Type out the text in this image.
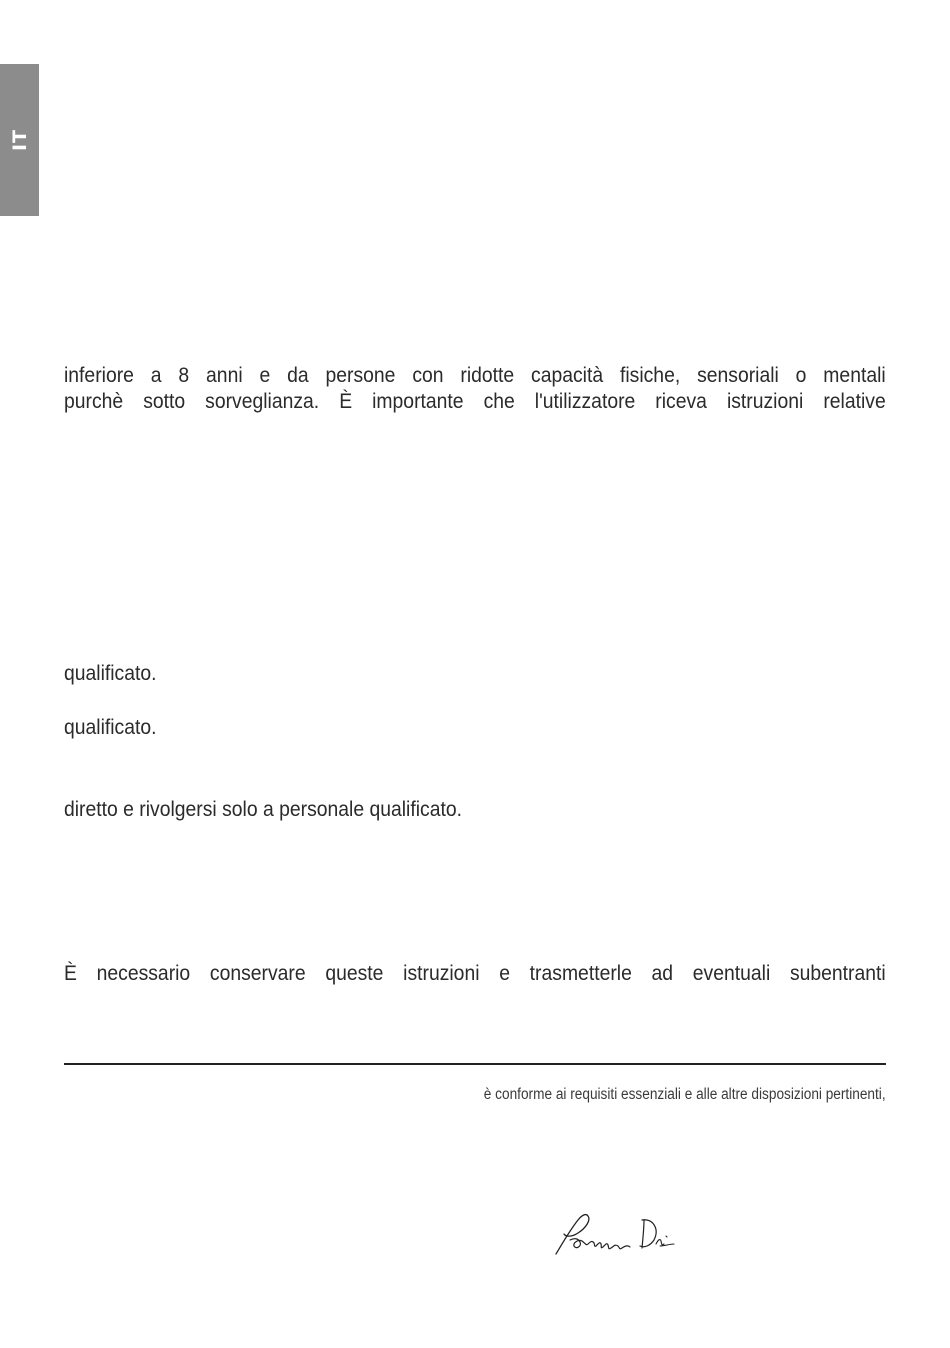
IT

inferiore a 8 anni e da persone con ridotte capacità fisiche, sensoriali o mentali
purchè sotto sorveglianza. È importante che l'utilizzatore riceva istruzioni relative

qualificato.

qualificato.

diretto e rivolgersi solo a personale qualificato.

È necessario conservare queste istruzioni e trasmetterle ad eventuali subentranti

è conforme ai requisiti essenziali e alle altre disposizioni pertinenti,
